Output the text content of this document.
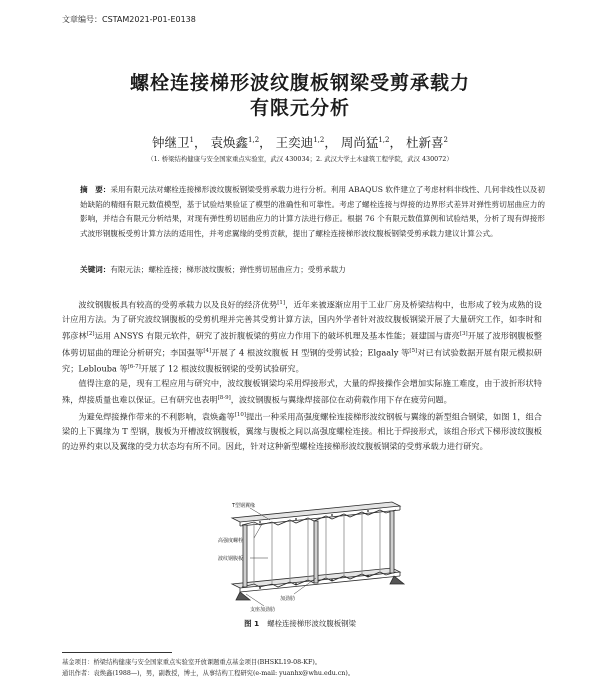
文章编号：CSTAM2021-P01-E0138
螺栓连接梯形波纹腹板钢梁受剪承载力
有限元分析
钟继卫$^1$， 袁焕鑫$^{1,2}$， 王奕迪$^{1,2}$， 周尚猛$^{1,2}$， 杜新喜$^2$
（1. 桥梁结构健康与安全国家重点实验室，武汉 430034；2. 武汉大学土木建筑工程学院，武汉 430072）
摘　要：采用有限元法对螺栓连接梯形波纹腹板钢梁受剪承载力进行分析。利用 ABAQUS 软件建立了考虑材料非线性、几何非线性以及初始缺陷的精细有限元数值模型，基于试验结果验证了模型的准确性和可靠性。考虑了螺栓连接与焊接的边界形式差异对弹性剪切屈曲应力的影响，并结合有限元分析结果，对现有弹性剪切屈曲应力的计算方法进行修正。根据 76 个有限元数值算例和试验结果，分析了现有焊接形式波形钢腹板受剪计算方法的适用性，并考虑翼缘的受剪贡献，提出了螺栓连接梯形波纹腹板钢梁受剪承载力建议计算公式。
关键词：有限元法；螺栓连接；梯形波纹腹板；弹性剪切屈曲应力；受剪承载力

波纹钢腹板具有较高的受剪承载力以及良好的经济优势[1]，近年来被逐渐应用于工业厂房及桥梁结构中，也形成了较为成熟的设计应用方法。为了研究波纹钢腹板的受剪机理并完善其受剪计算方法，国内外学者针对波纹腹板钢梁开展了大量研究工作，如李时和郭彦林[2]运用 ANSYS 有限元软件，研究了波折腹板梁的剪应力作用下的破坏机理及基本性能；聂建国与唐亮[3]开展了波形钢腹板整体剪切屈曲的理论分析研究；李国强等[4]开展了 4 根波纹腹板 H 型钢的受剪试验；Elgaaly 等[5]对已有试验数据开展有限元模拟研究；Leblouba 等[6-7]开展了 12 根波纹腹板钢梁的受剪试验研究。

值得注意的是，现有工程应用与研究中，波纹腹板钢梁均采用焊接形式，大量的焊接操作会增加实际施工难度，由于波折形状特殊，焊接质量也难以保证。已有研究也表明[8-9]，波纹钢腹板与翼缘焊接部位在动荷载作用下存在疲劳问题。

为避免焊接操作带来的不利影响，袁焕鑫等[10]提出一种采用高强度螺栓连接梯形波纹钢板与翼缘的新型组合钢梁，如图 1，组合梁的上下翼缘为 T 型钢，腹板为开槽波纹钢腹板，翼缘与腹板之间以高强度螺栓连接。相比于焊接形式，该组合形式下梯形波纹腹板的边界约束以及翼缘的受力状态均有所不同。因此，针对这种新型螺栓连接梯形波纹腹板钢梁的受剪承载力进行研究。

T型钢翼缘
高强度螺栓
波纹钢腹板
加劲肋
支座加劲肋
图 1 螺栓连接梯形波纹腹板钢梁
基金项目：桥梁结构健康与安全国家重点实验室开放课题重点基金项目(BHSKL19-08-KF)。
通讯作者：袁焕鑫(1988—)，男，副教授，博士，从事结构工程研究(e-mail: yuanhx@whu.edu.cn)。
